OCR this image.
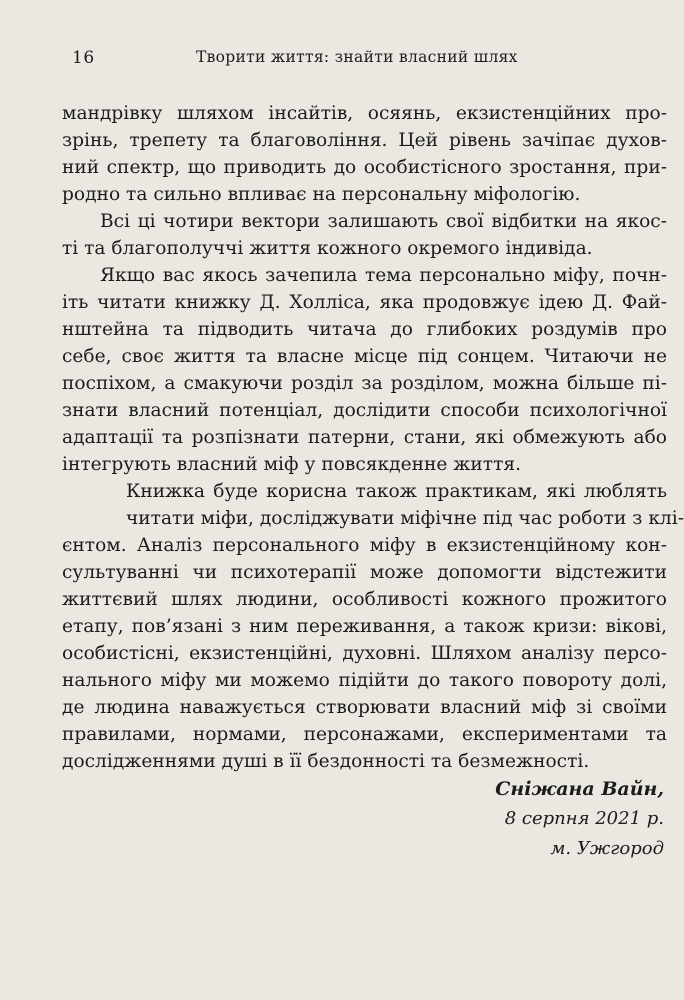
16	Творити життя: знайти власний шлях
мандрівку шляхом інсайтів, осяянь, екзистенційних про-
зрінь, трепету та благовоління. Цей рівень зачіпає духов-
ний спектр, що приводить до особистісного зростання, при-
родно та сильно впливає на персональну міфологію.
Всі ці чотири вектори залишають свої відбитки на якос-
ті та благополуччі життя кожного окремого індивіда.
Якщо вас якось зачепила тема персонально міфу, почн-
іть читати книжку Д. Холліса, яка продовжує ідею Д. Фай-
нштейна та підводить читача до глибоких роздумів про
себе, своє життя та власне місце під сонцем. Читаючи не
поспіхом, а смакуючи розділ за розділом, можна більше пі-
знати власний потенціал, дослідити способи психологічної
адаптації та розпізнати патерни, стани, які обмежують або
інтегрують власний міф у повсякденне життя.
Книжка буде корисна також практикам, які люблять
читати міфи, досліджувати міфічне під час роботи з клі-
єнтом. Аналіз персонального міфу в екзистенційному кон-
сультуванні чи психотерапії може допомогти відстежити
життєвий шлях людини, особливості кожного прожитого
етапу, пов’язані з ним переживання, а також кризи: вікові,
особистісні, екзистенційні, духовні. Шляхом аналізу персо-
нального міфу ми можемо підійти до такого повороту долі,
де людина наважується створювати власний міф зі своїми
правилами, нормами, персонажами, експериментами та
дослідженнями душі в її бездонності та безмежності.
Сніжана Вайн,
8 серпня 2021 р.
м. Ужгород
